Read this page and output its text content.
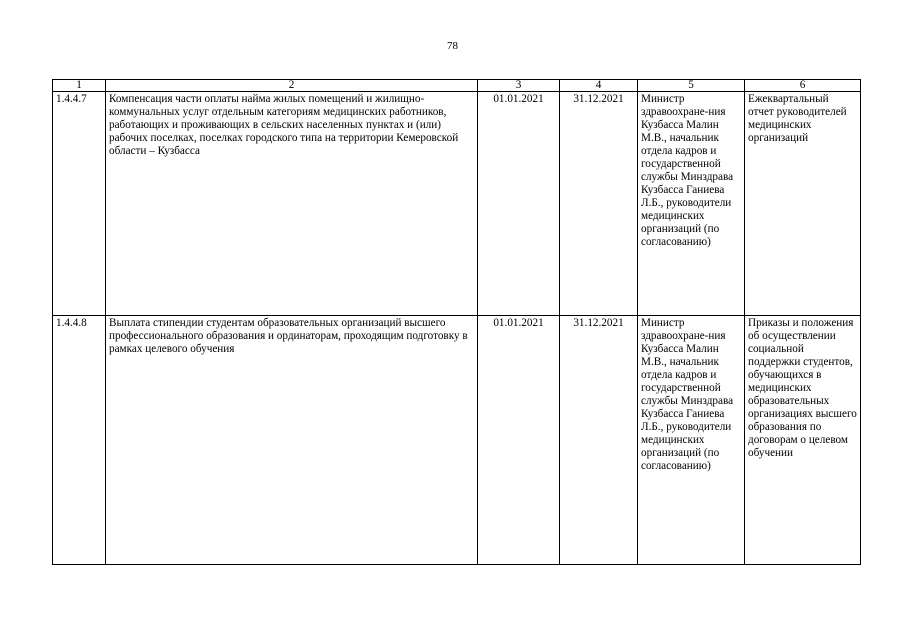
78
1	2	3	4	5	6
1.4.4.7	Компенсация части оплаты найма жилых помещений и жилищно-коммунальных услуг отдельным категориям медицинских работников, работающих и проживающих в сельских населенных пунктах и (или) рабочих поселках, поселках городского типа на территории Кемеровской области – Кузбасса	01.01.2021	31.12.2021	Министр здравоохране-ния Кузбасса Малин М.В., начальник отдела кадров и государственной службы Минздрава Кузбасса Ганиева Л.Б., руководители медицинских организаций (по согласованию)	Ежеквартальный отчет руководителей медицинских организаций
1.4.4.8	Выплата стипендии студентам образовательных организаций высшего профессионального образования и ординаторам, проходящим подготовку в рамках целевого обучения	01.01.2021	31.12.2021	Министр здравоохране-ния Кузбасса Малин М.В., начальник отдела кадров и государственной службы Минздрава Кузбасса Ганиева Л.Б., руководители медицинских организаций (по согласованию)	Приказы и положения об осуществлении социальной поддержки студентов, обучающихся в медицинских образовательных организациях высшего образования по договорам о целевом обучении
